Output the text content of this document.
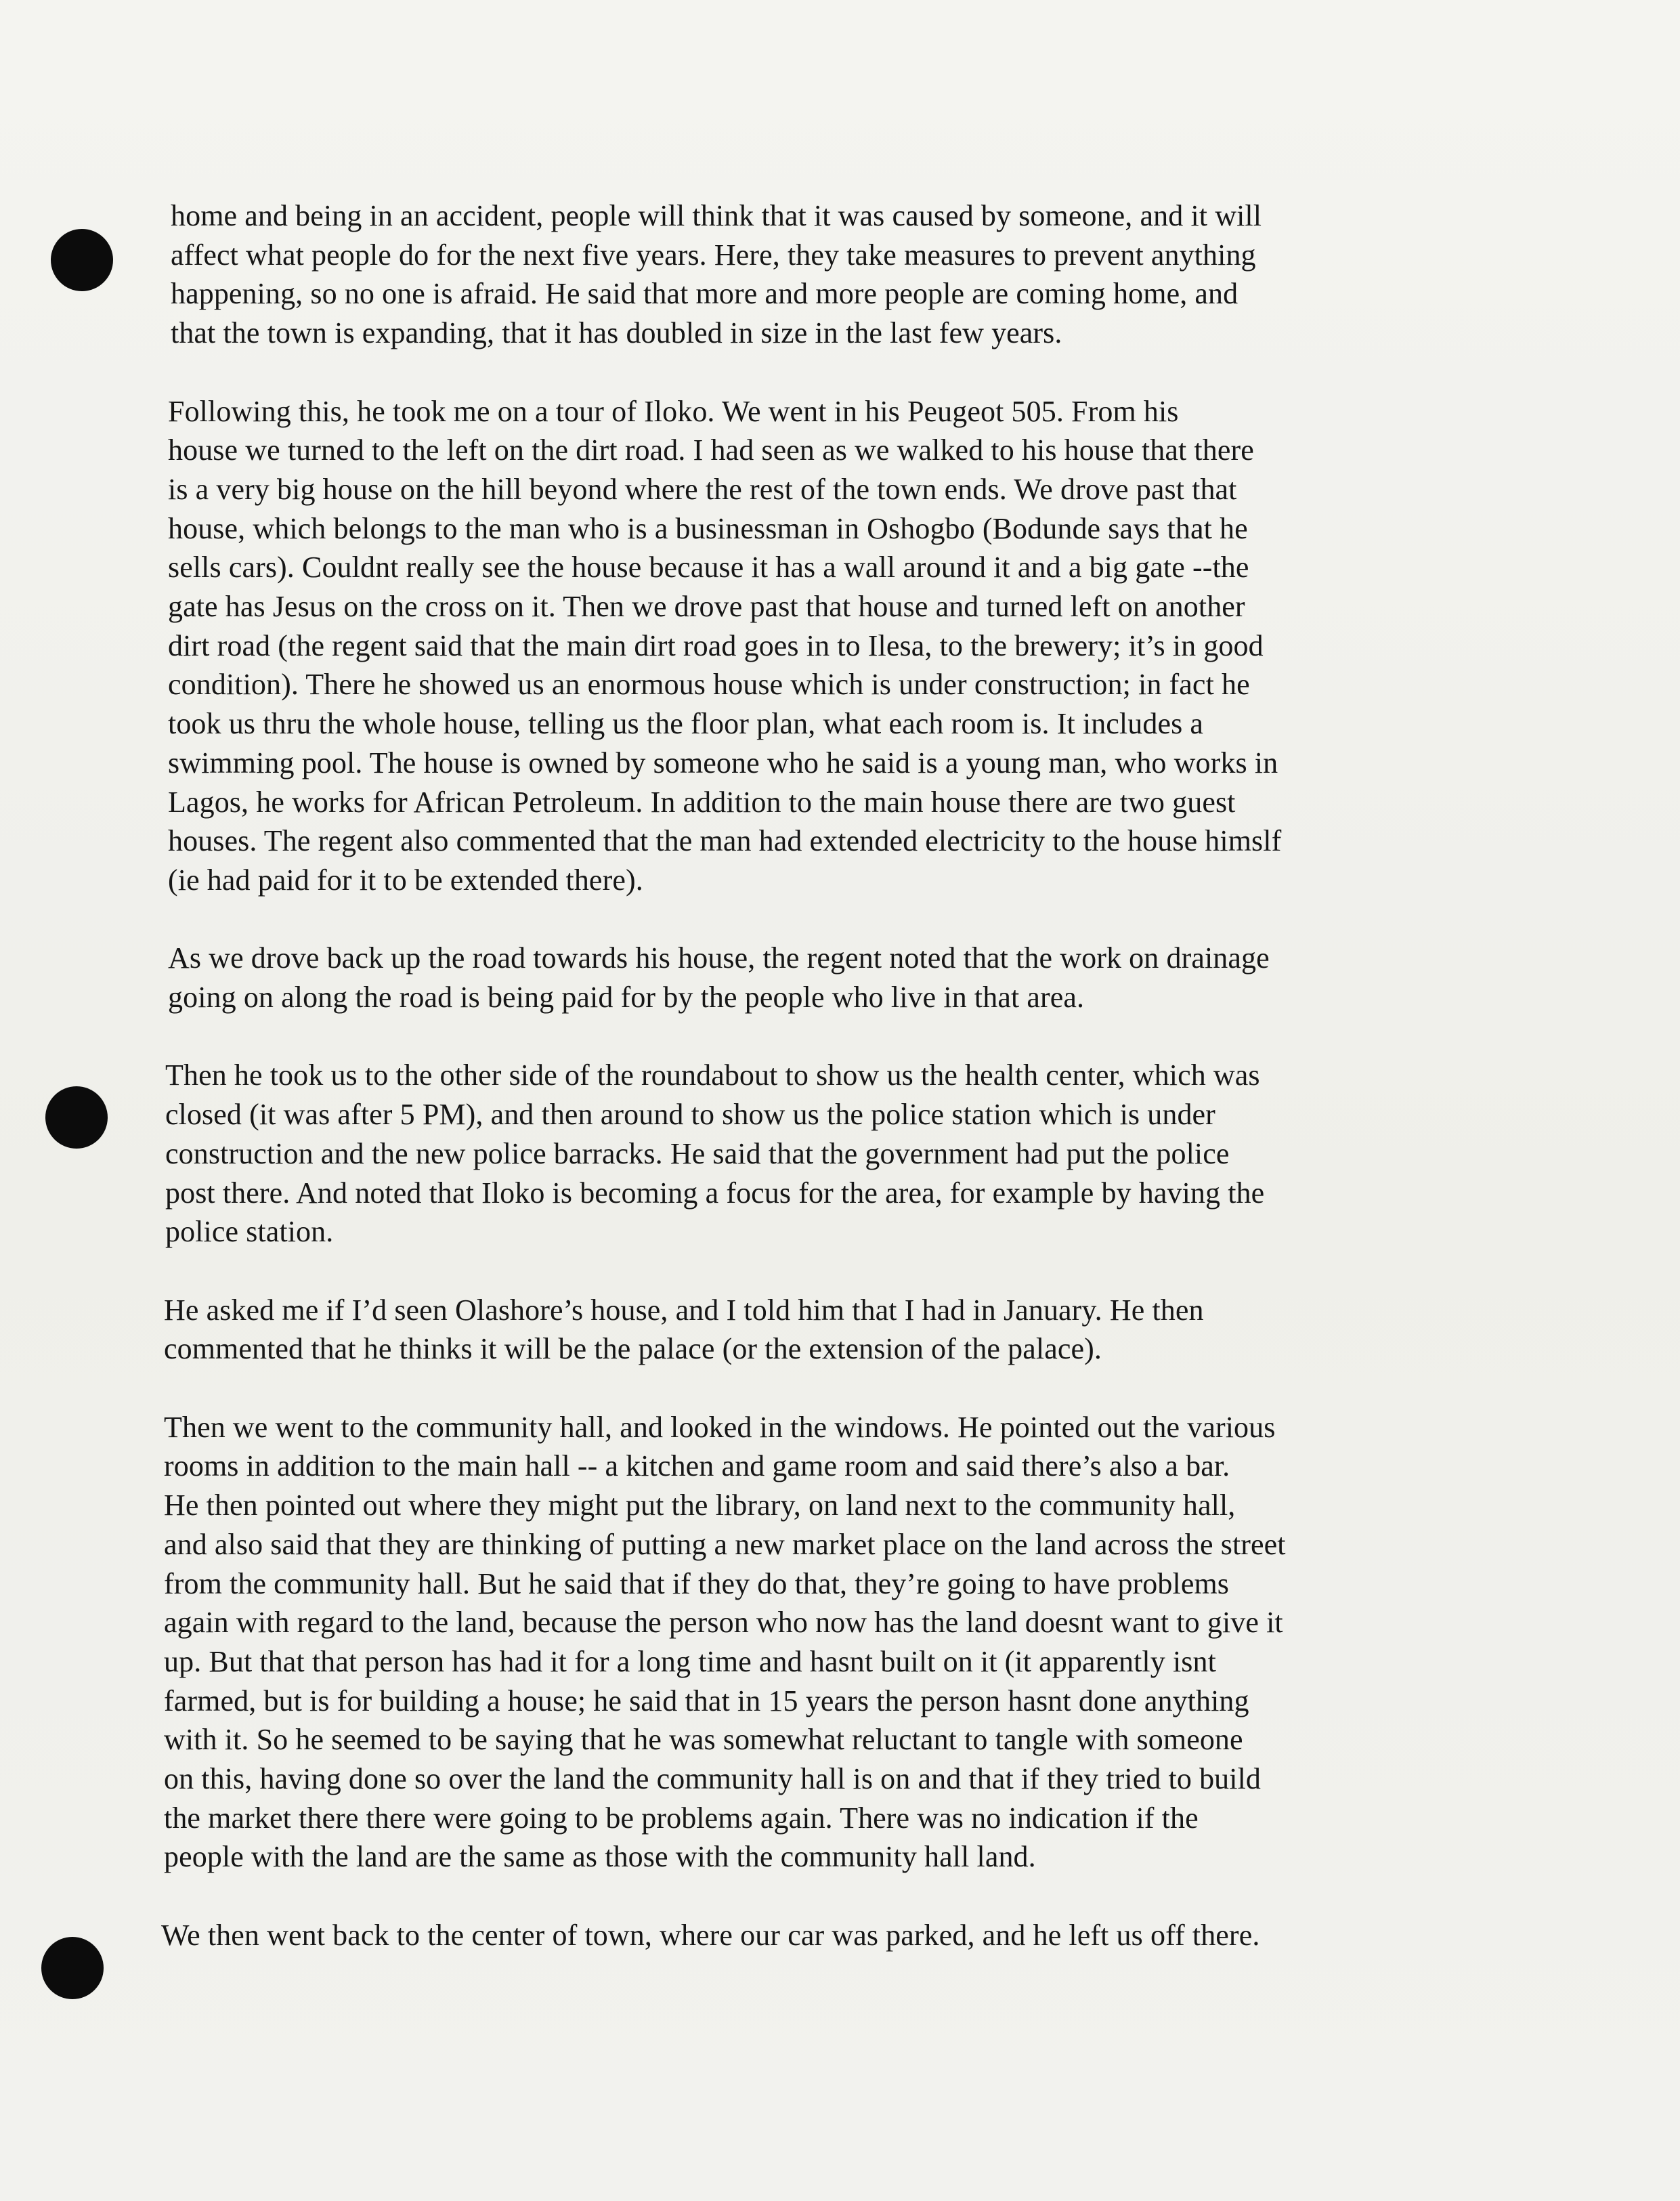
home and being in an accident, people will think that it was caused by someone, and it will
affect what people do for the next five years. Here, they take measures to prevent anything
happening, so no one is afraid. He said that more and more people are coming home, and
that the town is expanding, that it has doubled in size in the last few years.
Following this, he took me on a tour of Iloko. We went in his Peugeot 505. From his
house we turned to the left on the dirt road. I had seen as we walked to his house that there
is a very big house on the hill beyond where the rest of the town ends. We drove past that
house, which belongs to the man who is a businessman in Oshogbo (Bodunde says that he
sells cars). Couldnt really see the house because it has a wall around it and a big gate --the
gate has Jesus on the cross on it. Then we drove past that house and turned left on another
dirt road (the regent said that the main dirt road goes in to Ilesa, to the brewery; it’s in good
condition). There he showed us an enormous house which is under construction; in fact he
took us thru the whole house, telling us the floor plan, what each room is. It includes a
swimming pool. The house is owned by someone who he said is a young man, who works in
Lagos, he works for African Petroleum. In addition to the main house there are two guest
houses. The regent also commented that the man had extended electricity to the house himslf
(ie had paid for it to be extended there).
As we drove back up the road towards his house, the regent noted that the work on drainage
going on along the road is being paid for by the people who live in that area.
Then he took us to the other side of the roundabout to show us the health center, which was
closed (it was after 5 PM), and then around to show us the police station which is under
construction and the new police barracks. He said that the government had put the police
post there. And noted that Iloko is becoming a focus for the area, for example by having the
police station.
He asked me if I’d seen Olashore’s house, and I told him that I had in January. He then
commented that he thinks it will be the palace (or the extension of the palace).
Then we went to the community hall, and looked in the windows. He pointed out the various
rooms in addition to the main hall -- a kitchen and game room and said there’s also a bar.
He then pointed out where they might put the library, on land next to the community hall,
and also said that they are thinking of putting a new market place on the land across the street
from the community hall. But he said that if they do that, they’re going to have problems
again with regard to the land, because the person who now has the land doesnt want to give it
up. But that that person has had it for a long time and hasnt built on it (it apparently isnt
farmed, but is for building a house; he said that in 15 years the person hasnt done anything
with it. So he seemed to be saying that he was somewhat reluctant to tangle with someone
on this, having done so over the land the community hall is on and that if they tried to build
the market there there were going to be problems again. There was no indication if the
people with the land are the same as those with the community hall land.
We then went back to the center of town, where our car was parked, and he left us off there.
